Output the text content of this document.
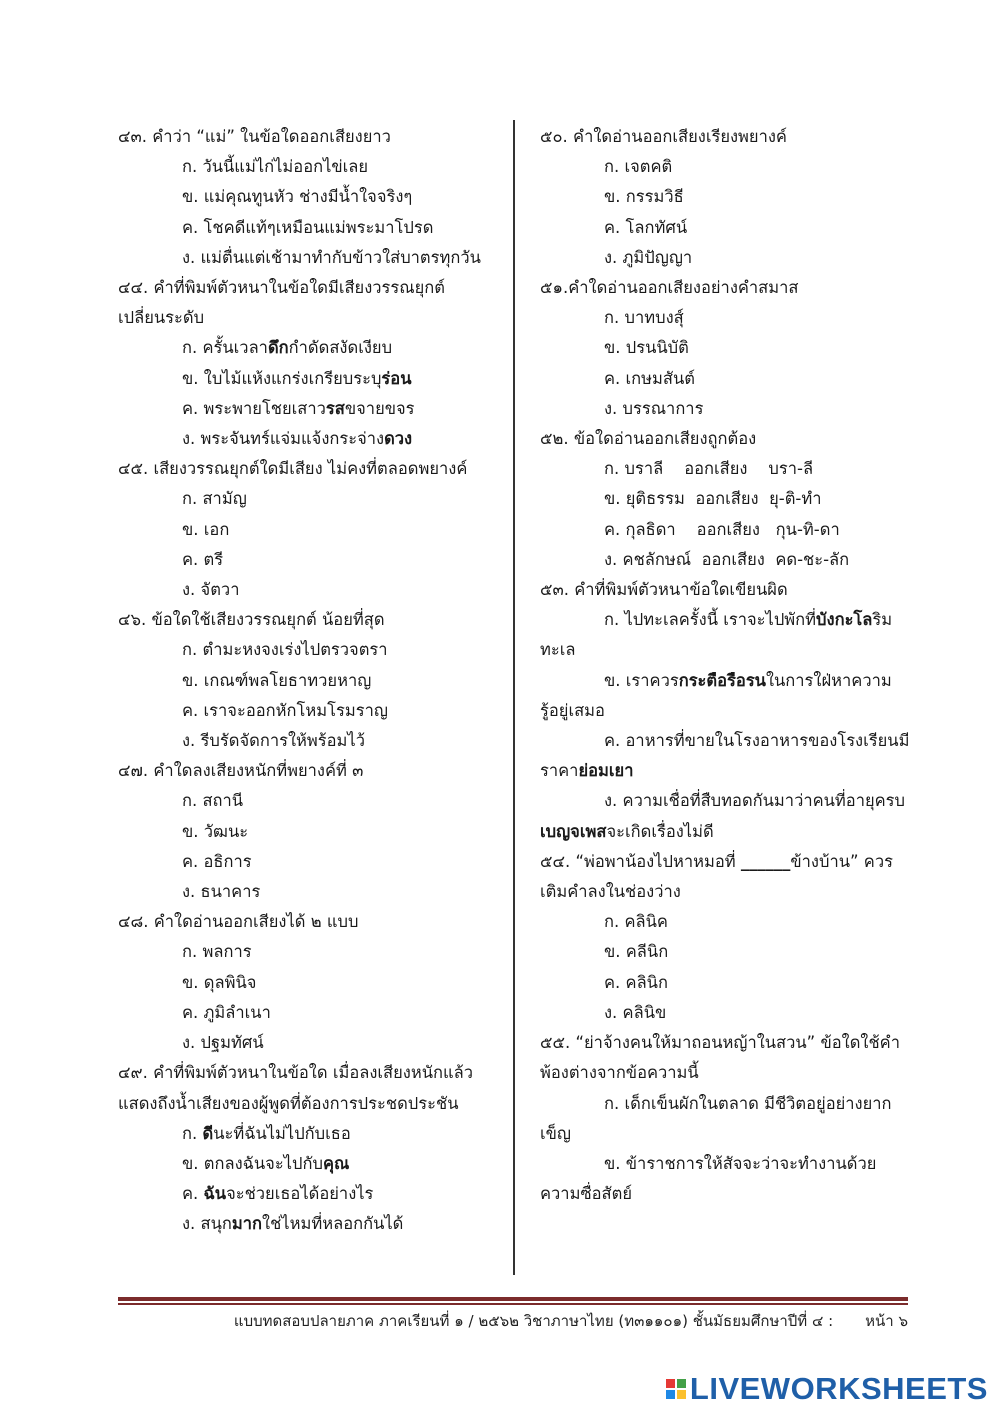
๔๓. คำว่า “แม่” ในข้อใดออกเสียงยาว
ก. วันนี้แม่ไก่ไม่ออกไข่เลย
ข. แม่คุณทูนหัว ช่างมีน้ำใจจริงๆ
ค. โชคดีแท้ๆเหมือนแม่พระมาโปรด
ง. แม่ตื่นแต่เช้ามาทำกับข้าวใส่บาตรทุกวัน
๔๔. คำที่พิมพ์ตัวหนาในข้อใดมีเสียงวรรณยุกต์
เปลี่ยนระดับ
ก. ครั้นเวลาดึกกำดัดสงัดเงียบ
ข. ใบไม้แห้งแกร่งเกรียบระบุร่อน
ค. พระพายโชยเสาวรสขจายขจร
ง. พระจันทร์แจ่มแจ้งกระจ่างดวง
๔๕. เสียงวรรณยุกต์ใดมีเสียง ไม่คงที่ตลอดพยางค์
ก. สามัญ
ข. เอก
ค. ตรี
ง. จัตวา
๔๖. ข้อใดใช้เสียงวรรณยุกต์ น้อยที่สุด
ก. ตำมะหงจงเร่งไปตรวจตรา
ข. เกณฑ์พลโยธาทวยหาญ
ค. เราจะออกหักโหมโรมราญ
ง. รีบรัดจัดการให้พร้อมไว้
๔๗. คำใดลงเสียงหนักที่พยางค์ที่ ๓
ก. สถานี
ข. วัฒนะ
ค. อธิการ
ง. ธนาคาร
๔๘. คำใดอ่านออกเสียงได้ ๒ แบบ
ก. พลการ
ข. ดุลพินิจ
ค. ภูมิลำเนา
ง. ปฐมทัศน์
๔๙. คำที่พิมพ์ตัวหนาในข้อใด เมื่อลงเสียงหนักแล้ว
แสดงถึงน้ำเสียงของผู้พูดที่ต้องการประชดประชัน
ก. ดีนะที่ฉันไม่ไปกับเธอ
ข. ตกลงฉันจะไปกับคุณ
ค. ฉันจะช่วยเธอได้อย่างไร
ง. สนุกมากใช่ไหมที่หลอกกันได้
๕๐. คำใดอ่านออกเสียงเรียงพยางค์
ก. เจตคติ
ข. กรรมวิธี
ค. โลกทัศน์
ง. ภูมิปัญญา
๕๑.คำใดอ่านออกเสียงอย่างคำสมาส
ก. บาทบงสุ์
ข. ปรนนิบัติ
ค. เกษมสันต์
ง. บรรณาการ
๕๒. ข้อใดอ่านออกเสียงถูกต้อง
ก. บราลี ออกเสียง บรา-ลี
ข. ยุติธรรม ออกเสียง ยุ-ติ-ทำ
ค. กุลธิดา ออกเสียง กุน-ทิ-ดา
ง. คชลักษณ์ ออกเสียง คด-ชะ-ลัก
๕๓. คำที่พิมพ์ตัวหนาข้อใดเขียนผิด
ก. ไปทะเลครั้งนี้ เราจะไปพักที่บังกะโลริม
ทะเล
ข. เราควรกระตือรือรนในการใฝ่หาความ
รู้อยู่เสมอ
ค. อาหารที่ขายในโรงอาหารของโรงเรียนมี
ราคาย่อมเยา
ง. ความเชื่อที่สืบทอดกันมาว่าคนที่อายุครบ
เบญจเพสจะเกิดเรื่องไม่ดี
๕๔. “พ่อพาน้องไปหาหมอที่ ______ข้างบ้าน” ควร
เติมคำลงในช่องว่าง
ก. คลินิค
ข. คลีนิก
ค. คลินิก
ง. คลินิข
๕๕. “ย่าจ้างคนให้มาถอนหญ้าในสวน” ข้อใดใช้คำ
พ้องต่างจากข้อความนี้
ก. เด็กเข็นผักในตลาด มีชีวิตอยู่อย่างยาก
เข็ญ
ข. ข้าราชการให้สัจจะว่าจะทำงานด้วย
ความซื่อสัตย์
แบบทดสอบปลายภาค ภาคเรียนที่ ๑ / ๒๕๖๒ วิชาภาษาไทย (ท๓๑๑๐๑) ชั้นมัธยมศึกษาปีที่ ๔ : หน้า ๖
LIVEWORKSHEETS
